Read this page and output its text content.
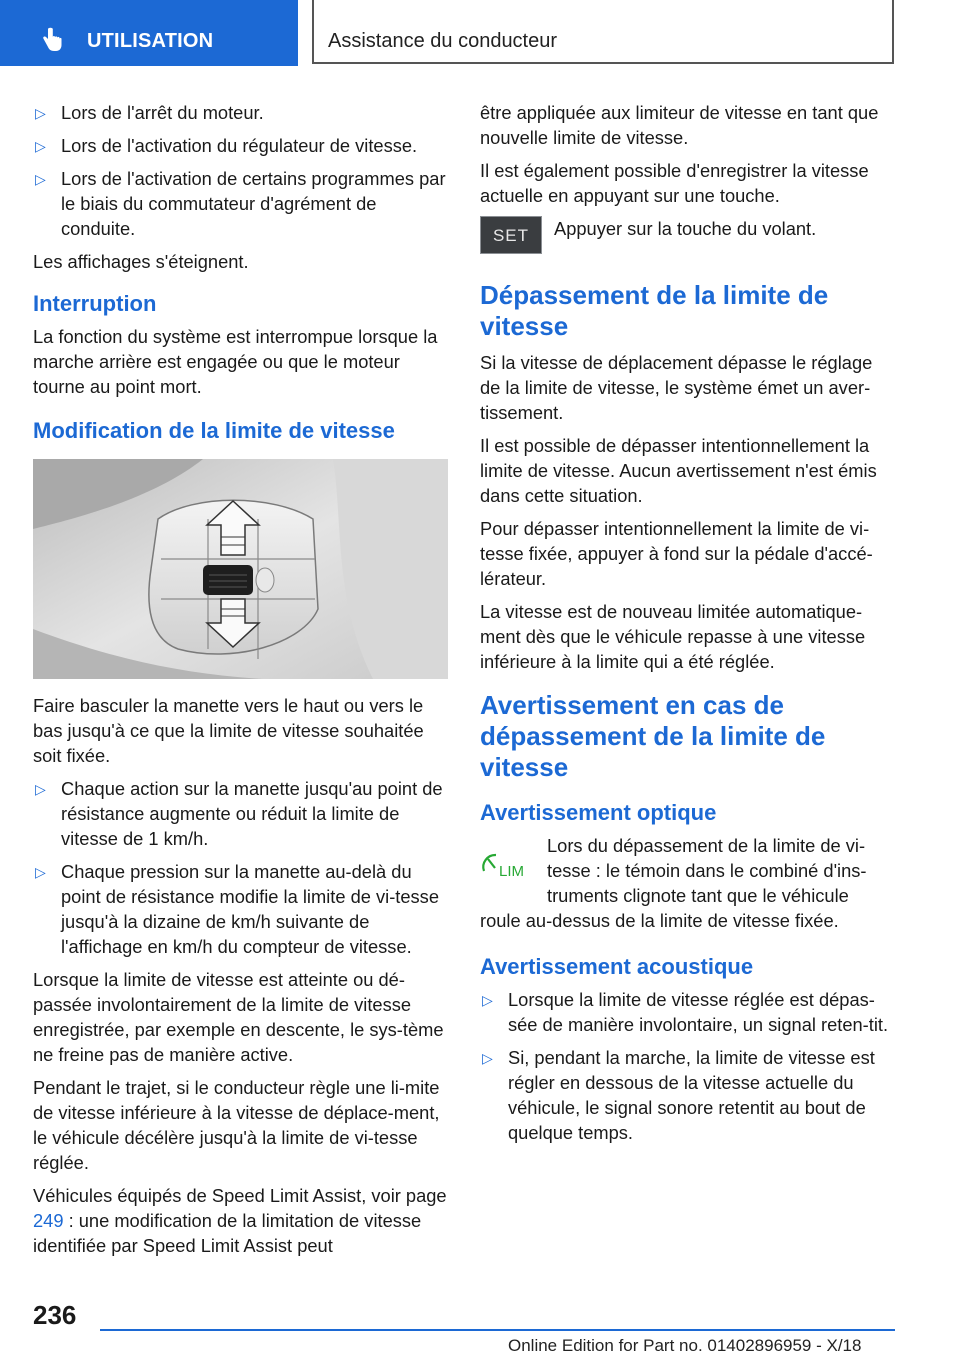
UTILISATION	Assistance du conducteur
▷ Lors de l'arrêt du moteur.
▷ Lors de l'activation du régulateur de vitesse.
▷ Lors de l'activation de certains programmes par le biais du commutateur d'agrément de conduite.

Les affichages s'éteignent.

Interruption

La fonction du système est interrompue lorsque la marche arrière est engagée ou que le moteur tourne au point mort.

Modification de la limite de vitesse

Faire basculer la manette vers le haut ou vers le bas jusqu'à ce que la limite de vitesse souhaitée soit fixée.

▷ Chaque action sur la manette jusqu'au point de résistance augmente ou réduit la limite de vitesse de 1 km/h.
▷ Chaque pression sur la manette au-delà du point de résistance modifie la limite de vi-tesse jusqu'à la dizaine de km/h suivante de l'affichage en km/h du compteur de vitesse.

Lorsque la limite de vitesse est atteinte ou dé-passée involontairement de la limite de vitesse enregistrée, par exemple en descente, le sys-tème ne freine pas de manière active.

Pendant le trajet, si le conducteur règle une li-mite de vitesse inférieure à la vitesse de déplace-ment, le véhicule décélère jusqu'à la limite de vi-tesse réglée.

Véhicules équipés de Speed Limit Assist, voir page 249 : une modification de la limitation de vitesse identifiée par Speed Limit Assist peut

être appliquée aux limiteur de vitesse en tant que nouvelle limite de vitesse.

Il est également possible d'enregistrer la vitesse actuelle en appuyant sur une touche.

SET	Appuyer sur la touche du volant.
Dépassement de la limite de vitesse

Si la vitesse de déplacement dépasse le réglage de la limite de vitesse, le système émet un aver-tissement.

Il est possible de dépasser intentionnellement la limite de vitesse. Aucun avertissement n'est émis dans cette situation.

Pour dépasser intentionnellement la limite de vi-tesse fixée, appuyer à fond sur la pédale d'accé-lérateur.

La vitesse est de nouveau limitée automatique-ment dès que le véhicule repasse à une vitesse inférieure à la limite qui a été réglée.

Avertissement en cas de dépassement de la limite de vitesse
Avertissement optique
LIM
Lors du dépassement de la limite de vi-tesse : le témoin dans le combiné d'ins-truments clignote tant que le véhicule

roule au-dessus de la limite de vitesse fixée.

Avertissement acoustique
▷ Lorsque la limite de vitesse réglée est dépas-sée de manière involontaire, un signal reten-tit.
▷ Si, pendant la marche, la limite de vitesse est régler en dessous de la vitesse actuelle du véhicule, le signal sonore retentit au bout de quelque temps.
236
Online Edition for Part no. 01402896959 - X/18
